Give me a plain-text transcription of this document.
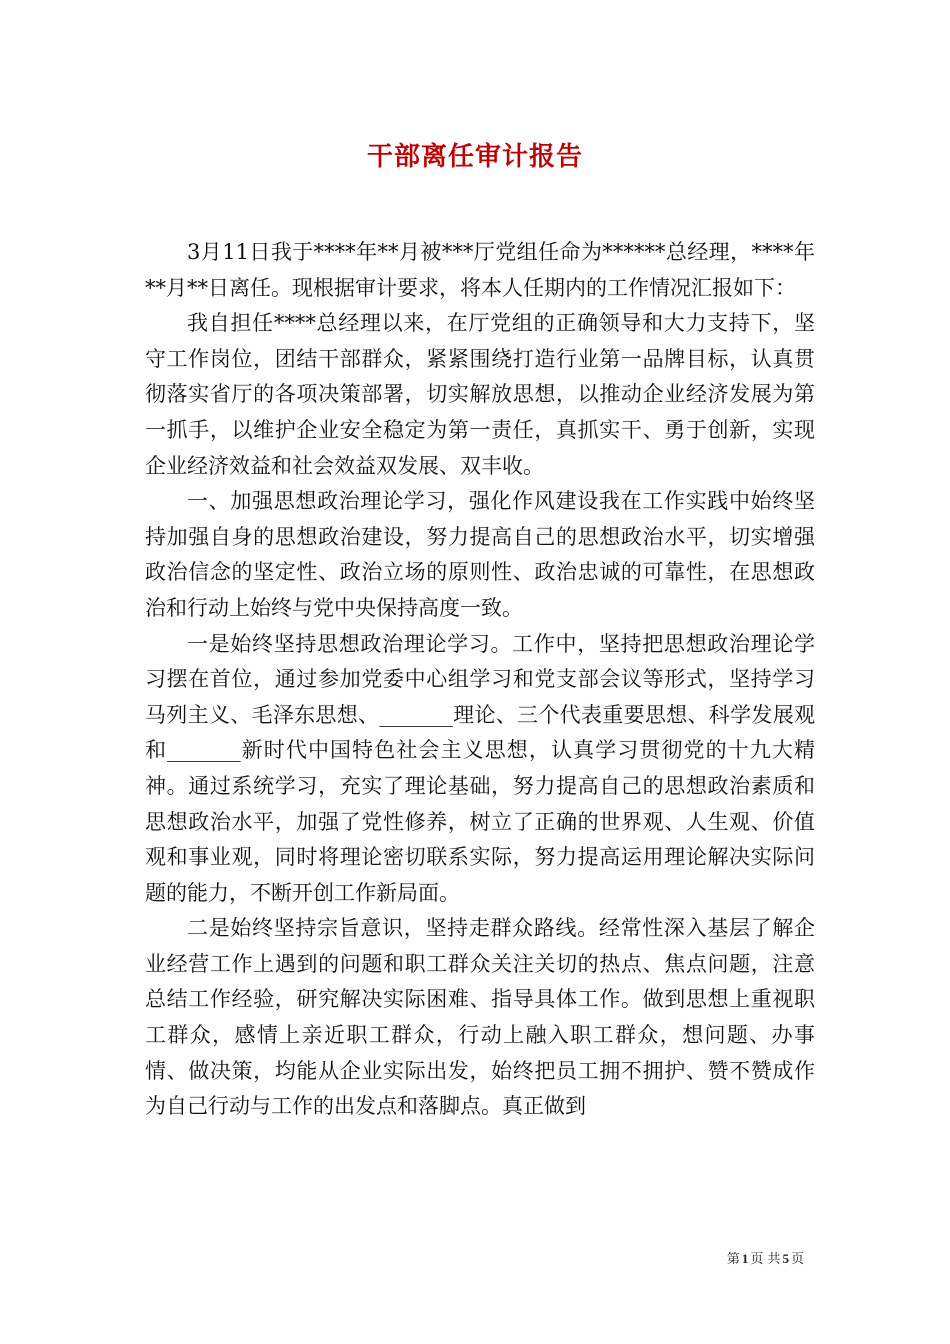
干部离任审计报告

3月11日我于****年**月被***厅党组任命为******总经理，****年**月**日离任。现根据审计要求，将本人任期内的工作情况汇报如下：

我自担任****总经理以来，在厅党组的正确领导和大力支持下，坚守工作岗位，团结干部群众，紧紧围绕打造行业第一品牌目标，认真贯彻落实省厅的各项决策部署，切实解放思想，以推动企业经济发展为第一抓手，以维护企业安全稳定为第一责任，真抓实干、勇于创新，实现企业经济效益和社会效益双发展、双丰收。

一、加强思想政治理论学习，强化作风建设我在工作实践中始终坚持加强自身的思想政治建设，努力提高自己的思想政治水平，切实增强政治信念的坚定性、政治立场的原则性、政治忠诚的可靠性，在思想政治和行动上始终与党中央保持高度一致。

一是始终坚持思想政治理论学习。工作中，坚持把思想政治理论学习摆在首位，通过参加党委中心组学习和党支部会议等形式，坚持学习马列主义、毛泽东思想、_______理论、三个代表重要思想、科学发展观和_______新时代中国特色社会主义思想，认真学习贯彻党的十九大精神。通过系统学习，充实了理论基础，努力提高自己的思想政治素质和思想政治水平，加强了党性修养，树立了正确的世界观、人生观、价值观和事业观，同时将理论密切联系实际，努力提高运用理论解决实际问题的能力，不断开创工作新局面。

二是始终坚持宗旨意识，坚持走群众路线。经常性深入基层了解企业经营工作上遇到的问题和职工群众关注关切的热点、焦点问题，注意总结工作经验，研究解决实际困难、指导具体工作。做到思想上重视职工群众，感情上亲近职工群众，行动上融入职工群众，想问题、办事情、做决策，均能从企业实际出发，始终把员工拥不拥护、赞不赞成作为自己行动与工作的出发点和落脚点。真正做到

第 1 页 共 5 页
